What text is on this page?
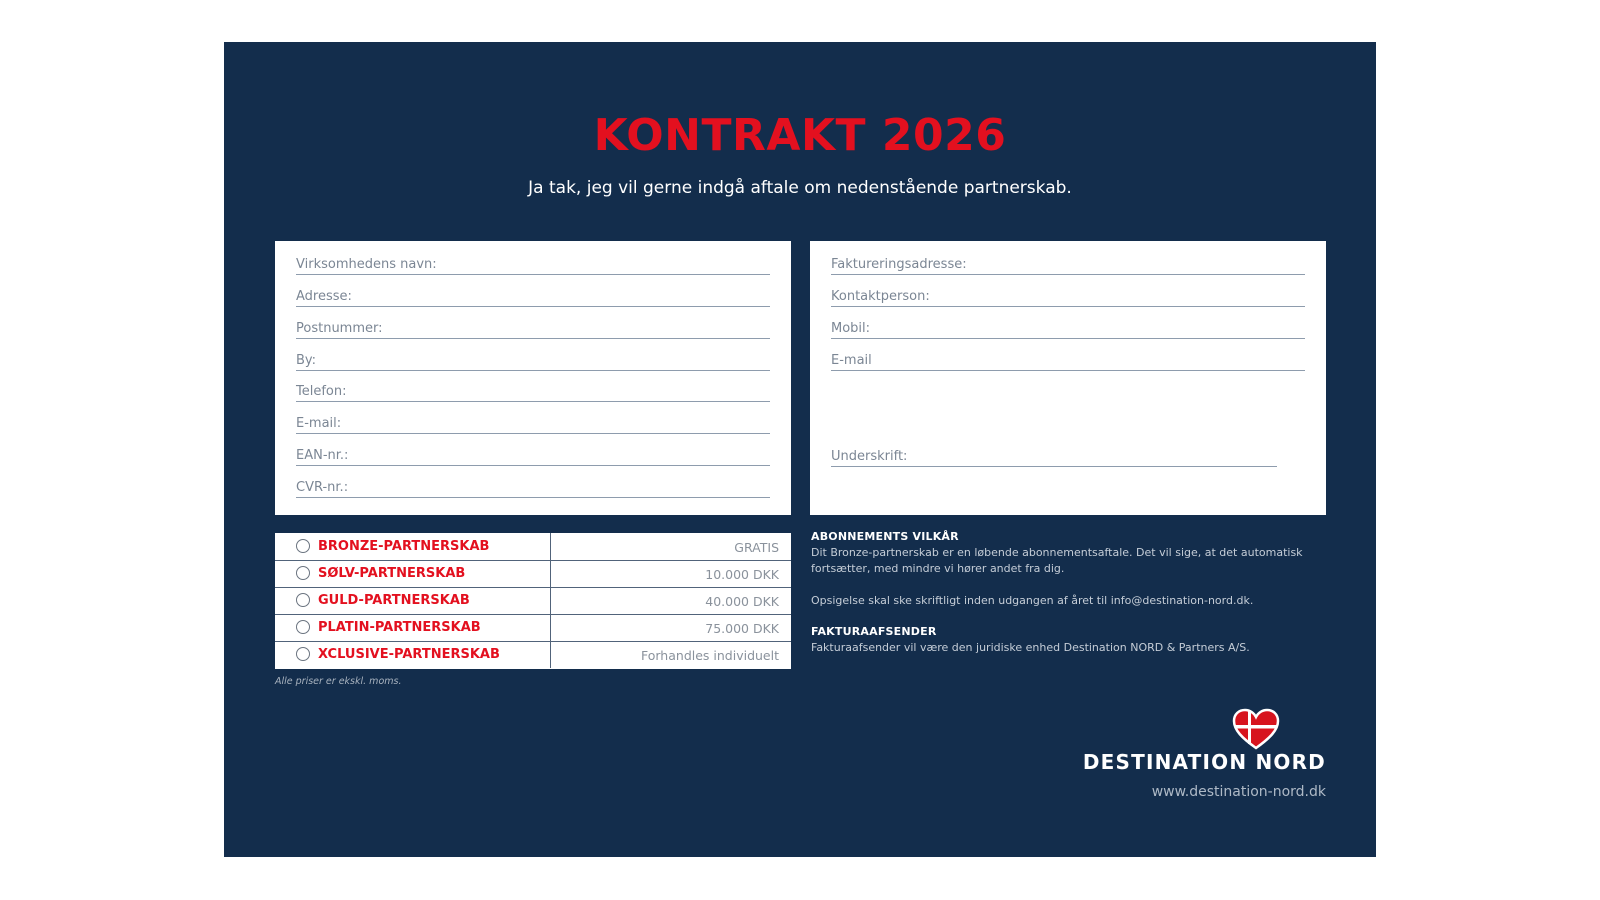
KONTRAKT 2026
Ja tak, jeg vil gerne indgå aftale om nedenstående partnerskab.
Virksomhedens navn:
Adresse:
Postnummer:
By:
Telefon:
E-mail:
EAN-nr.:
CVR-nr.:
Faktureringsadresse:
Kontaktperson:
Mobil:
E-mail
Underskrift:
BRONZE-PARTNERSKAB	GRATIS
SØLV-PARTNERSKAB	10.000 DKK
GULD-PARTNERSKAB	40.000 DKK
PLATIN-PARTNERSKAB	75.000 DKK
XCLUSIVE-PARTNERSKAB	Forhandles individuelt
Alle priser er ekskl. moms.
ABONNEMENTS VILKÅR

Dit Bronze-partnerskab er en løbende abonnementsaftale. Det vil sige, at det automatisk fortsætter, med mindre vi hører andet fra dig.

Opsigelse skal ske skriftligt inden udgangen af året til info@destination-nord.dk.

FAKTURAAFSENDER

Fakturaafsender vil være den juridiske enhed Destination NORD & Partners A/S.

DESTINATION NORD
www.destination-nord.dk
